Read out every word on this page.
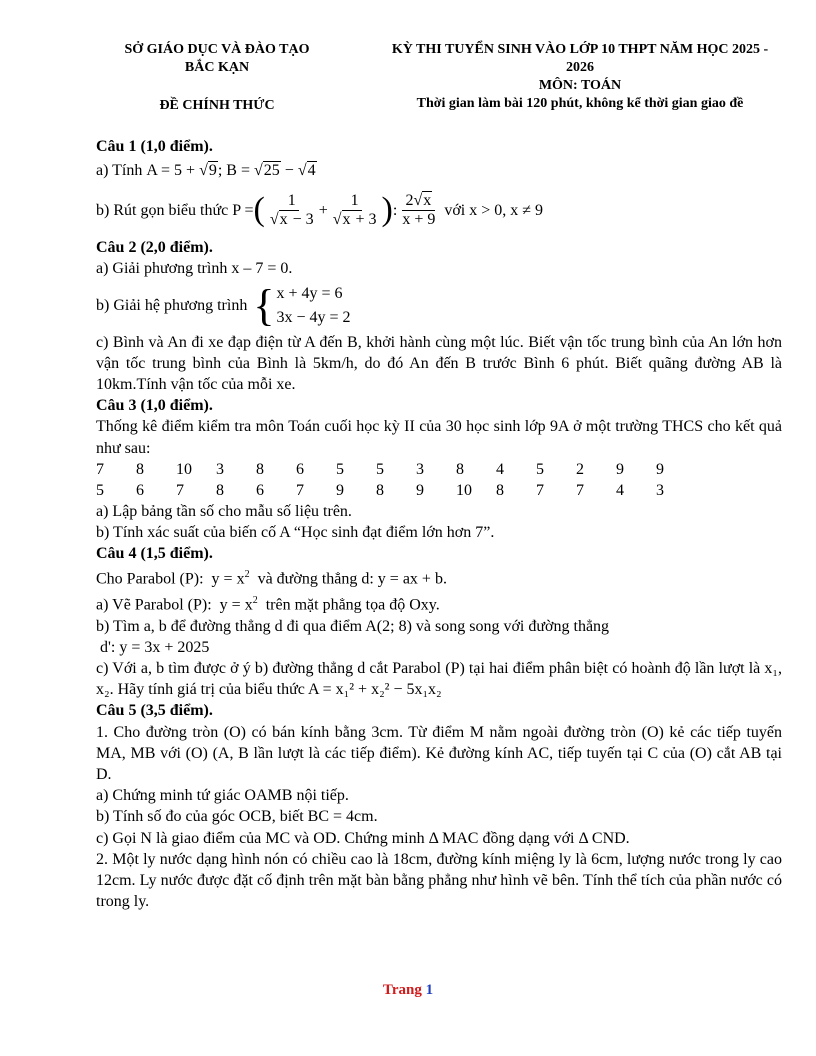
SỞ GIÁO DỤC VÀ ĐÀO TẠO
BẮC KẠN
ĐỀ CHÍNH THỨC
KỲ THI TUYỂN SINH VÀO LỚP 10 THPT NĂM HỌC 2025 -
2026
MÔN: TOÁN
Thời gian làm bài 120 phút, không kể thời gian giao đề
Câu 1 (1,0 điểm).
a) Tính
A = 5 +
√9 ; B =
√25
−
√4
b) Rút gọn biểu thức
P = ( $\frac{1}{√x - 3} + \frac{1}{√x + 3}$ ) : $\frac{2√x}{x + 9}$
với x > 0, x ≠ 9
Câu 2 (2,0 điểm).
a) Giải phương trình x – 7 = 0.
b) Giải hệ phương trình { x + 4y = 6
3x − 4y = 2
c) Bình và An đi xe đạp điện từ A đến B, khởi hành cùng một lúc. Biết vận tốc trung bình của An lớn hơn vận tốc trung bình của Bình là 5km/h, do đó An đến B trước Bình 6 phút. Biết quãng đường AB là 10km.Tính vận tốc của mỗi xe.
Câu 3 (1,0 điểm).
Thống kê điểm kiểm tra môn Toán cuối học kỳ II của 30 học sinh lớp 9A ở một trường THCS cho kết quả như sau:
7	8	10	3	8	6	5	5	3	8	4	5	2	9	9
5	6	7	8	6	7	9	8	9	10	8	7	7	4	3
a) Lập bảng tần số cho mẫu số liệu trên.
b) Tính xác suất của biến cố A “Học sinh đạt điểm lớn hơn 7”.
Câu 4 (1,5 điểm).
Cho Parabol (P): $y = x^2$ và đường thẳng d: y = ax + b.
a) Vẽ Parabol (P): $y = x^2$ trên mặt phẳng tọa độ Oxy.
b) Tìm a, b để đường thẳng d đi qua điểm A(2; 8) và song song với đường thẳng
d': y = 3x + 2025
c) Với a, b tìm được ở ý b) đường thẳng d cắt Parabol (P) tại hai điểm phân biệt có hoành độ lần lượt là x₁, x₂. Hãy tính giá trị của biểu thức A = x₁² + x₂² − 5x₁x₂
Câu 5 (3,5 điểm).
1. Cho đường tròn (O) có bán kính bằng 3cm. Từ điểm M nằm ngoài đường tròn (O) kẻ các tiếp tuyến MA, MB với (O) (A, B lần lượt là các tiếp điểm). Kẻ đường kính AC, tiếp tuyến tại C của (O) cắt AB tại D.
a) Chứng minh tứ giác OAMB nội tiếp.
b) Tính số đo của góc OCB, biết BC = 4cm.
c) Gọi N là giao điểm của MC và OD. Chứng minh Δ MAC đồng dạng với Δ CND.
2. Một ly nước dạng hình nón có chiều cao là 18cm, đường kính miệng ly là 6cm, lượng nước trong ly cao 12cm. Ly nước được đặt cố định trên mặt bàn bằng phẳng như hình vẽ bên. Tính thể tích của phần nước có trong ly.
Trang 1
